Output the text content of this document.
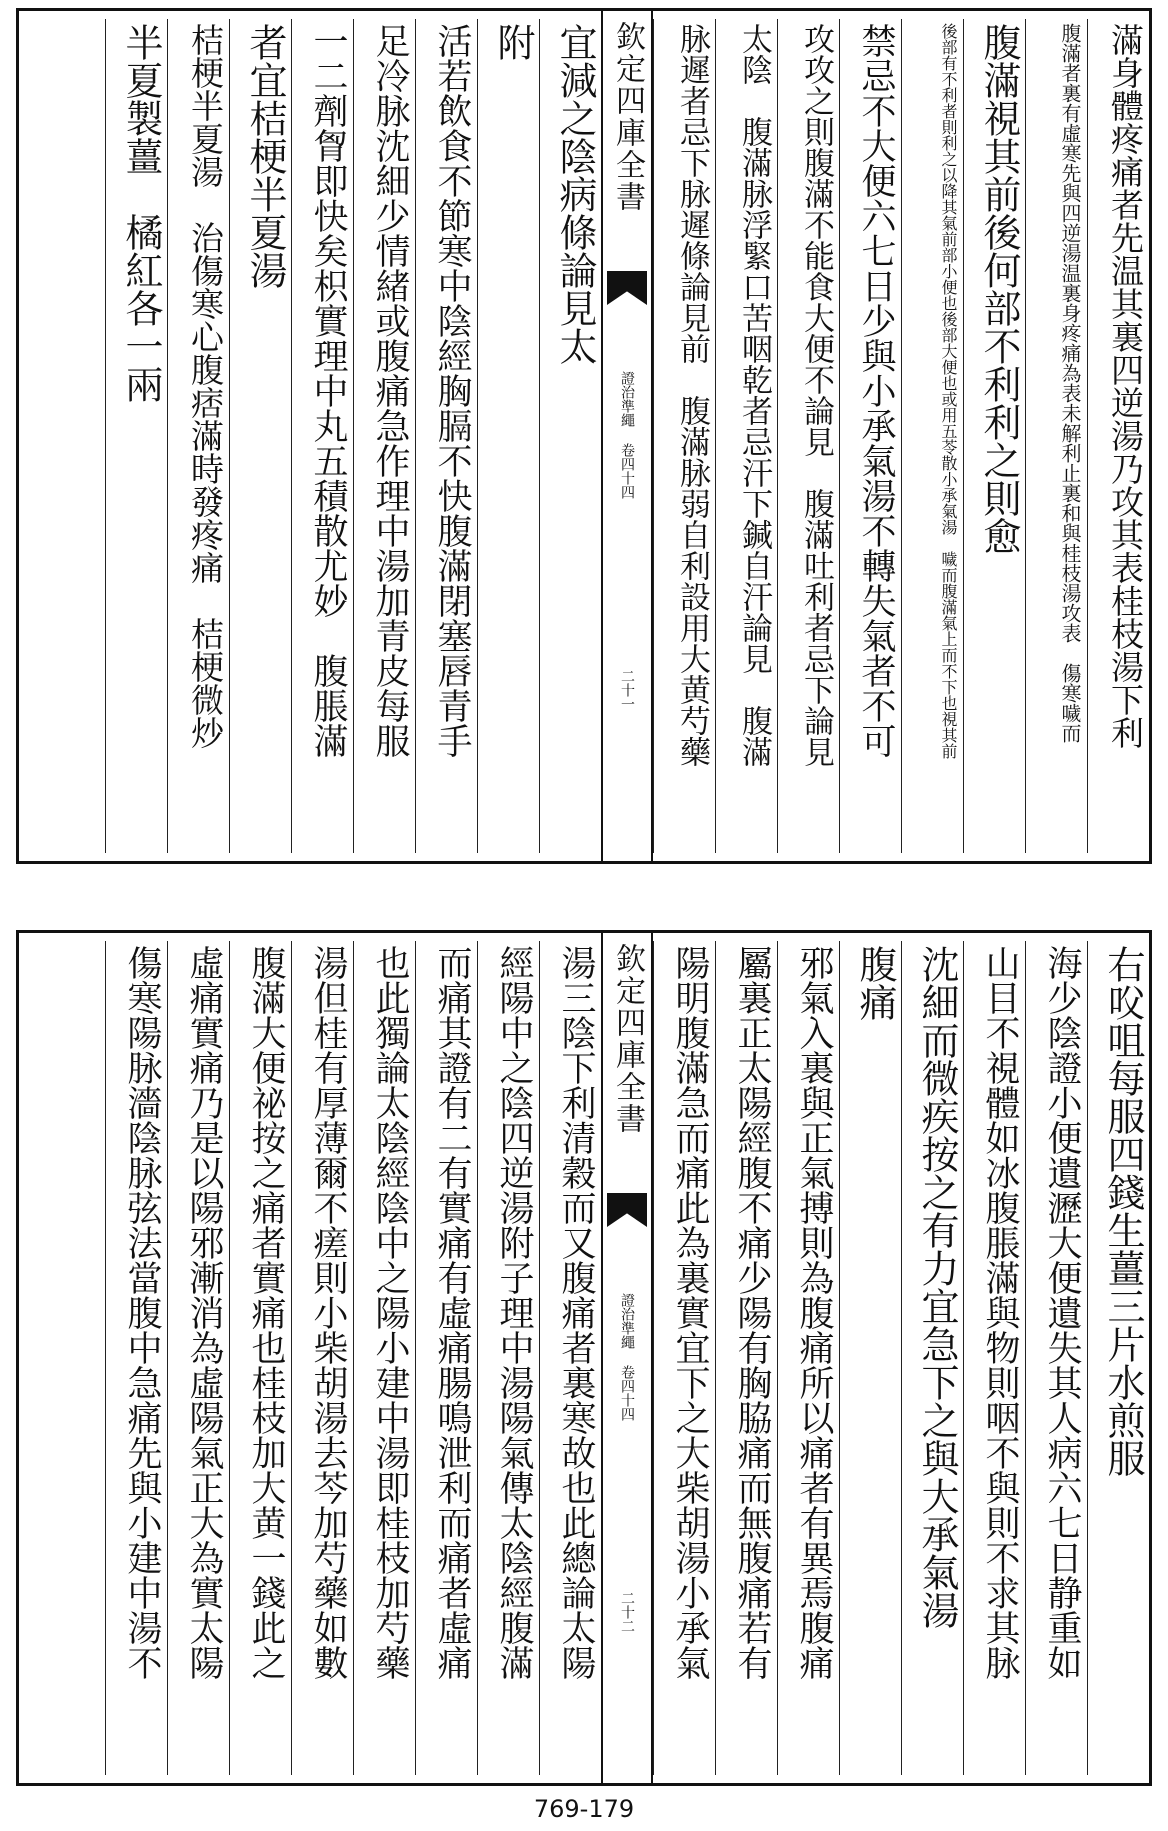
滿身體疼痛者先温其裏四逆湯乃攻其表桂枝湯下利
腹滿者裏有虛寒先與四逆湯温裏身疼痛為表未解利止裏和與桂枝湯攻表　傷寒噦而
腹滿視其前後何部不利利之則愈
後部有不利者則利之以降其氣前部小便也後部大便也或用五苓散小承氣湯　噦而腹滿氣上而不下也視其前
禁忌不大便六七日少與小承氣湯不轉失氣者不可
攻攻之則腹滿不能食大便不論見　腹滿吐利者忌下論見
太陰　腹滿脉浮緊口苦咽乾者忌汗下鍼自汗論見　腹滿
脉遲者忌下脉遲條論見前　腹滿脉弱自利設用大黄芍藥
欽定四庫全書
證治準繩 卷四十四
二十一
宜減之陰病條論見太
附
活若飲食不節寒中陰經胸膈不快腹滿閉塞唇青手
足冷脉沈細少情緒或腹痛急作理中湯加青皮每服
一二劑胷即快矣枳實理中丸五積散尤妙　腹脹滿
者宜桔梗半夏湯
桔梗半夏湯　治傷寒心腹痞滿時發疼痛　桔梗微炒
半夏製薑　橘紅各一兩
右㕮咀每服四錢生薑三片水煎服
海少陰證小便遺瀝大便遺失其人病六七日静重如
山目不視體如冰腹脹滿與物則咽不與則不求其脉
沈細而微疾按之有力宜急下之與大承氣湯
腹痛
邪氣入裏與正氣搏則為腹痛所以痛者有異焉腹痛
屬裏正太陽經腹不痛少陽有胸脇痛而無腹痛若有
陽明腹滿急而痛此為裏實宜下之大柴胡湯小承氣
欽定四庫全書
證治準繩 卷四十四
二十二
湯三陰下利清穀而又腹痛者裏寒故也此總論太陽
經陽中之陰四逆湯附子理中湯陽氣傳太陰經腹滿
而痛其證有二有實痛有虛痛腸鳴泄利而痛者虛痛
也此獨論太陰經陰中之陽小建中湯即桂枝加芍藥
湯但桂有厚薄爾不瘥則小柴胡湯去芩加芍藥如數
腹滿大便祕按之痛者實痛也桂枝加大黄一錢此之
虛痛實痛乃是以陽邪漸消為虛陽氣正大為實太陽
傷寒陽脉濇陰脉弦法當腹中急痛先與小建中湯不
769-179
